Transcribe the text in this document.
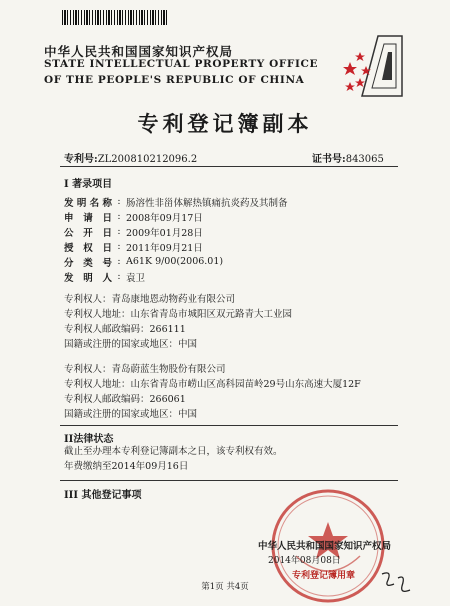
中华人民共和国国家知识产权局
STATE INTELLECTUAL PROPERTY OFFICE
OF THE PEOPLE'S REPUBLIC OF CHINA
专利登记簿副本
专利号:ZL200810212096.2	证书号:843065
I 著录项目
发 明 名 称 : 肠溶性非甾体解热镇痛抗炎药及其制备
申 请 日 : 2008年09月17日
公 开 日 : 2009年01月28日
授 权 日 : 2011年09月21日
分 类 号 : A61K 9/00(2006.01)
发 明 人 : 袁卫
专利权人：青岛康地恩动物药业有限公司
专利权人地址：山东省青岛市城阳区双元路青大工业园
专利权人邮政编码：266111
国籍或注册的国家或地区：中国
专利权人：青岛蔚蓝生物股份有限公司
专利权人地址：山东省青岛市崂山区高科园苗岭29号山东高速大厦12F
专利权人邮政编码：266061
国籍或注册的国家或地区：中国
II法律状态
截止至办理本专利登记簿副本之日，该专利权有效。
年费缴纳至2014年09月16日
III 其他登记事项
中华人民共和国国家知识产权局
2014年08月08日
专利登记簿用章
第1页 共4页
